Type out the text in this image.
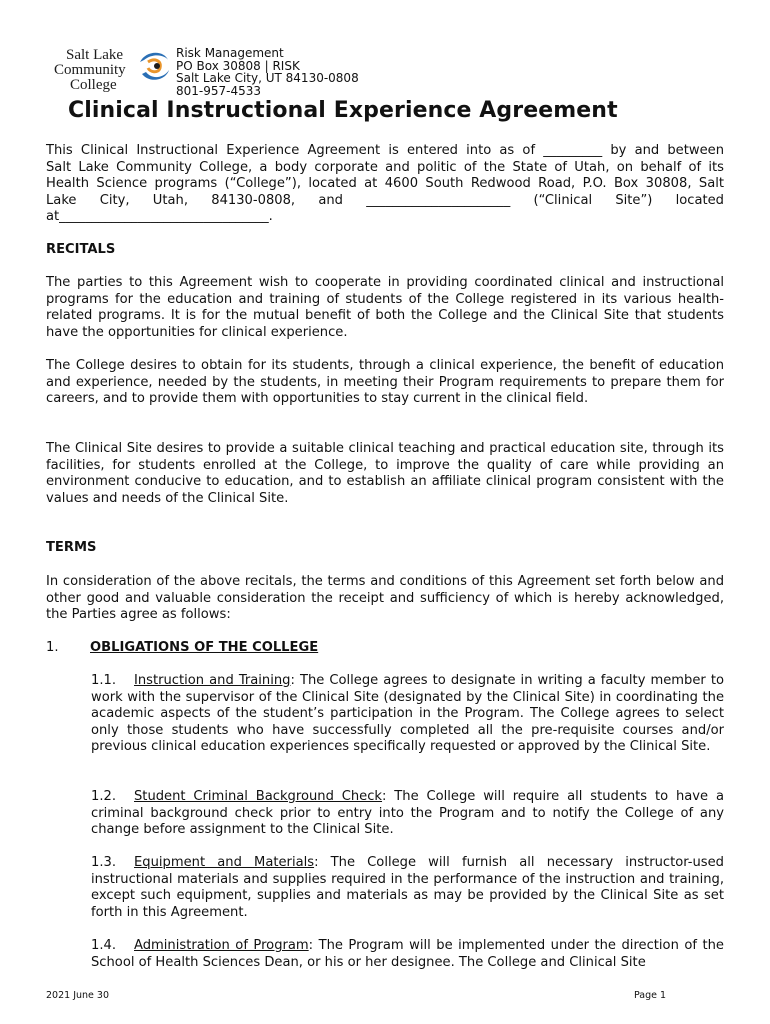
Salt Lake
Community
College
Risk Management
PO Box 30808 | RISK
Salt Lake City, UT 84130-0808
801-957-4533
Clinical Instructional Experience Agreement
This Clinical Instructional Experience Agreement is entered into as of _________ by and between
Salt Lake Community College, a body corporate and politic of the State of Utah, on behalf of its
Health Science programs (“College”), located at 4600 South Redwood Road, P.O. Box 30808, Salt
Lake City, Utah, 84130-0808, and ______________________ (“Clinical Site”) located
at________________________________.
RECITALS
The parties to this Agreement wish to cooperate in providing coordinated clinical and instructional programs for the education and training of students of the College registered in its various health-related programs. It is for the mutual benefit of both the College and the Clinical Site that students have the opportunities for clinical experience.
The College desires to obtain for its students, through a clinical experience, the benefit of education and experience, needed by the students, in meeting their Program requirements to prepare them for careers, and to provide them with opportunities to stay current in the clinical field.
The Clinical Site desires to provide a suitable clinical teaching and practical education site, through its facilities, for students enrolled at the College, to improve the quality of care while providing an environment conducive to education, and to establish an affiliate clinical program consistent with the values and needs of the Clinical Site.
TERMS
In consideration of the above recitals, the terms and conditions of this Agreement set forth below and other good and valuable consideration the receipt and sufficiency of which is hereby acknowledged, the Parties agree as follows:
1. OBLIGATIONS OF THE COLLEGE
1.1. Instruction and Training: The College agrees to designate in writing a faculty member to work with the supervisor of the Clinical Site (designated by the Clinical Site) in coordinating the academic aspects of the student’s participation in the Program. The College agrees to select only those students who have successfully completed all the pre-requisite courses and/or previous clinical education experiences specifically requested or approved by the Clinical Site.
1.2. Student Criminal Background Check: The College will require all students to have a criminal background check prior to entry into the Program and to notify the College of any change before assignment to the Clinical Site.
1.3. Equipment and Materials: The College will furnish all necessary instructor-used instructional materials and supplies required in the performance of the instruction and training, except such equipment, supplies and materials as may be provided by the Clinical Site as set forth in this Agreement.
1.4. Administration of Program: The Program will be implemented under the direction of the School of Health Sciences Dean, or his or her designee. The College and Clinical Site
2021 June 30	Page 1
